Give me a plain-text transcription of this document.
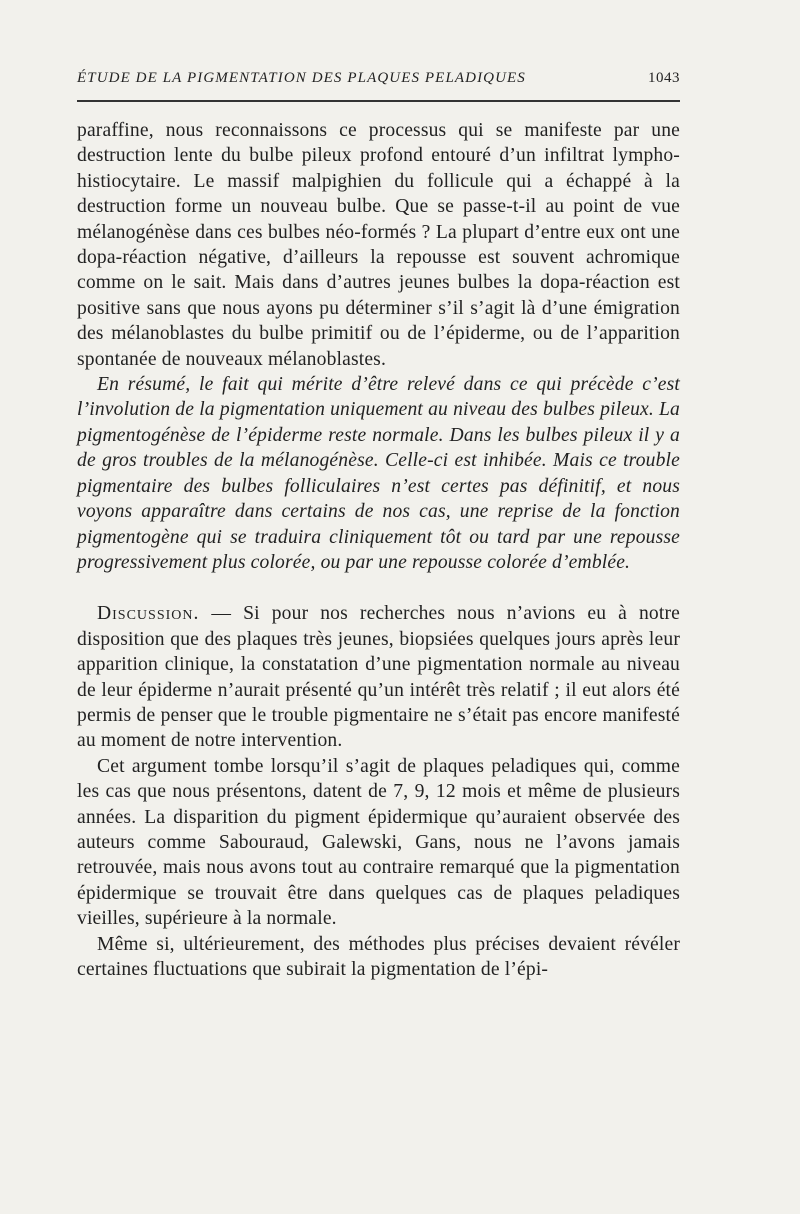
ÉTUDE DE LA PIGMENTATION DES PLAQUES PELADIQUES	1043

paraffine, nous reconnaissons ce processus qui se manifeste par une destruction lente du bulbe pileux profond entouré d’un infiltrat lympho-histiocytaire. Le massif malpighien du follicule qui a échappé à la destruction forme un nouveau bulbe. Que se passe-t-il au point de vue mélanogénèse dans ces bulbes néo-formés ? La plupart d’entre eux ont une dopa-réaction négative, d’ailleurs la repousse est souvent achromique comme on le sait. Mais dans d’autres jeunes bulbes la dopa-réaction est positive sans que nous ayons pu déterminer s’il s’agit là d’une émigration des mélanoblastes du bulbe primitif ou de l’épiderme, ou de l’apparition spontanée de nouveaux mélanoblastes.

En résumé, le fait qui mérite d’être relevé dans ce qui précède c’est l’involution de la pigmentation uniquement au niveau des bulbes pileux. La pigmentogénèse de l’épiderme reste normale. Dans les bulbes pileux il y a de gros troubles de la mélanogénèse. Celle-ci est inhibée. Mais ce trouble pigmentaire des bulbes folliculaires n’est certes pas définitif, et nous voyons apparaître dans certains de nos cas, une reprise de la fonction pigmentogène qui se traduira cliniquement tôt ou tard par une repousse progressivement plus colorée, ou par une repousse colorée d’emblée.

Discussion. — Si pour nos recherches nous n’avions eu à notre disposition que des plaques très jeunes, biopsiées quelques jours après leur apparition clinique, la constatation d’une pigmentation normale au niveau de leur épiderme n’aurait présenté qu’un intérêt très relatif ; il eut alors été permis de penser que le trouble pigmentaire ne s’était pas encore manifesté au moment de notre intervention.

Cet argument tombe lorsqu’il s’agit de plaques peladiques qui, comme les cas que nous présentons, datent de 7, 9, 12 mois et même de plusieurs années. La disparition du pigment épidermique qu’auraient observée des auteurs comme Sabouraud, Galewski, Gans, nous ne l’avons jamais retrouvée, mais nous avons tout au contraire remarqué que la pigmentation épidermique se trouvait être dans quelques cas de plaques peladiques vieilles, supérieure à la normale.

Même si, ultérieurement, des méthodes plus précises devaient révéler certaines fluctuations que subirait la pigmentation de l’épi-
